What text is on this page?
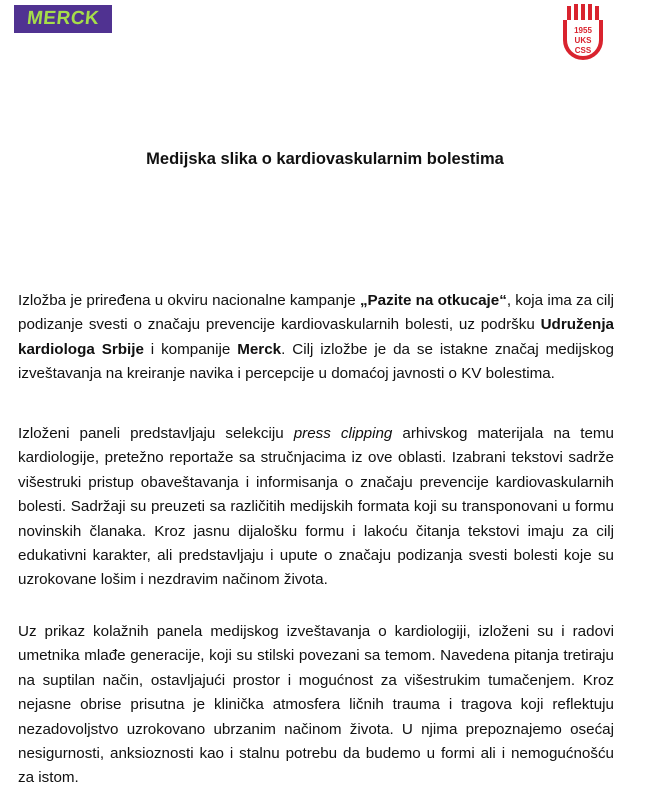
MERCK
1955
UKS
CSS
Medijska slika o kardiovaskularnim bolestima

Izložba je priređena u okviru nacionalne kampanje „Pazite na otkucaje“, koja ima za cilj podizanje svesti o značaju prevencije kardiovaskularnih bolesti, uz podršku Udruženja kardiologa Srbije i kompanije Merck. Cilj izložbe je da se istakne značaj medijskog izveštavanja na kreiranje navika i percepcije u domaćoj javnosti o KV bolestima.

Izloženi paneli predstavljaju selekciju press clipping arhivskog materijala na temu kardiologije, pretežno reportaže sa stručnjacima iz ove oblasti. Izabrani tekstovi sadrže višestruki pristup obaveštavanja i informisanja o značaju prevencije kardiovaskularnih bolesti. Sadržaji su preuzeti sa različitih medijskih formata koji su transponovani u formu novinskih članaka. Kroz jasnu dijalošku formu i lakoću čitanja tekstovi imaju za cilj edukativni karakter, ali predstavljaju i upute o značaju podizanja svesti bolesti koje su uzrokovane lošim i nezdravim načinom života.

Uz prikaz kolažnih panela medijskog izveštavanja o kardiologiji, izloženi su i radovi umetnika mlađe generacije, koji su stilski povezani sa temom. Navedena pitanja tretiraju na suptilan način, ostavljajući prostor i mogućnost za višestrukim tumačenjem. Kroz nejasne obrise prisutna je klinička atmosfera ličnih trauma i tragova koji reflektuju nezadovoljstvo uzrokovano ubrzanim načinom života. U njima prepoznajemo osećaj nesigurnosti, anksioznosti kao i stalnu potrebu da budemo u formi ali i nemogućnošću za istom.
